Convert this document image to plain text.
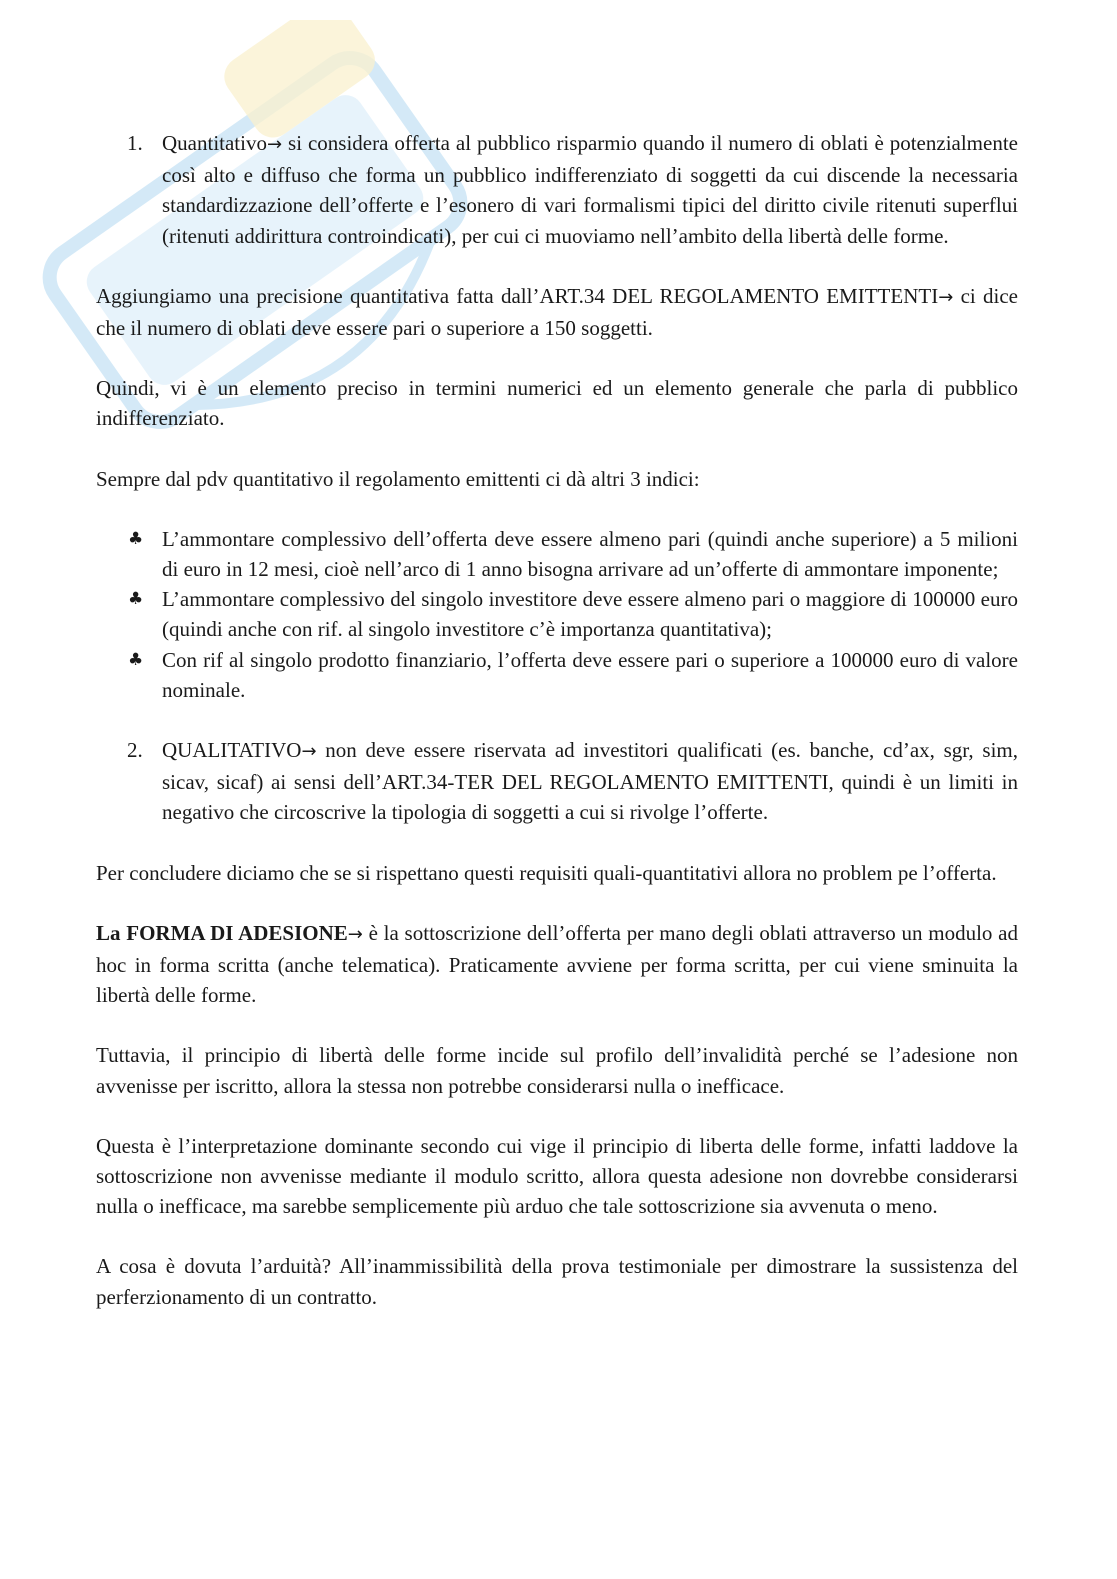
1. Quantitativo→ si considera offerta al pubblico risparmio quando il numero di oblati è potenzialmente così alto e diffuso che forma un pubblico indifferenziato di soggetti da cui discende la necessaria standardizzazione dell’offerte e l’esonero di vari formalismi tipici del diritto civile ritenuti superflui (ritenuti addirittura controindicati), per cui ci muoviamo nell’ambito della libertà delle forme.

Aggiungiamo una precisione quantitativa fatta dall’ART.34 DEL REGOLAMENTO EMITTENTI→ ci dice che il numero di oblati deve essere pari o superiore a 150 soggetti.

Quindi, vi è un elemento preciso in termini numerici ed un elemento generale che parla di pubblico indifferenziato.

Sempre dal pdv quantitativo il regolamento emittenti ci dà altri 3 indici:

♣ L’ammontare complessivo dell’offerta deve essere almeno pari (quindi anche superiore) a 5 milioni di euro in 12 mesi, cioè nell’arco di 1 anno bisogna arrivare ad un’offerte di ammontare imponente;
♣ L’ammontare complessivo del singolo investitore deve essere almeno pari o maggiore di 100000 euro (quindi anche con rif. al singolo investitore c’è importanza quantitativa);
♣ Con rif al singolo prodotto finanziario, l’offerta deve essere pari o superiore a 100000 euro di valore nominale.
2. QUALITATIVO→ non deve essere riservata ad investitori qualificati (es. banche, cd’ax, sgr, sim, sicav, sicaf) ai sensi dell’ART.34-TER DEL REGOLAMENTO EMITTENTI, quindi è un limiti in negativo che circoscrive la tipologia di soggetti a cui si rivolge l’offerte.

Per concludere diciamo che se si rispettano questi requisiti quali-quantitativi allora no problem pe l’offerta.

La FORMA DI ADESIONE→ è la sottoscrizione dell’offerta per mano degli oblati attraverso un modulo ad hoc in forma scritta (anche telematica). Praticamente avviene per forma scritta, per cui viene sminuita la libertà delle forme.

Tuttavia, il principio di libertà delle forme incide sul profilo dell’invalidità perché se l’adesione non avvenisse per iscritto, allora la stessa non potrebbe considerarsi nulla o inefficace.

Questa è l’interpretazione dominante secondo cui vige il principio di liberta delle forme, infatti laddove la sottoscrizione non avvenisse mediante il modulo scritto, allora questa adesione non dovrebbe considerarsi nulla o inefficace, ma sarebbe semplicemente più arduo che tale sottoscrizione sia avvenuta o meno.

A cosa è dovuta l’arduità? All’inammissibilità della prova testimoniale per dimostrare la sussistenza del perferzionamento di un contratto.
